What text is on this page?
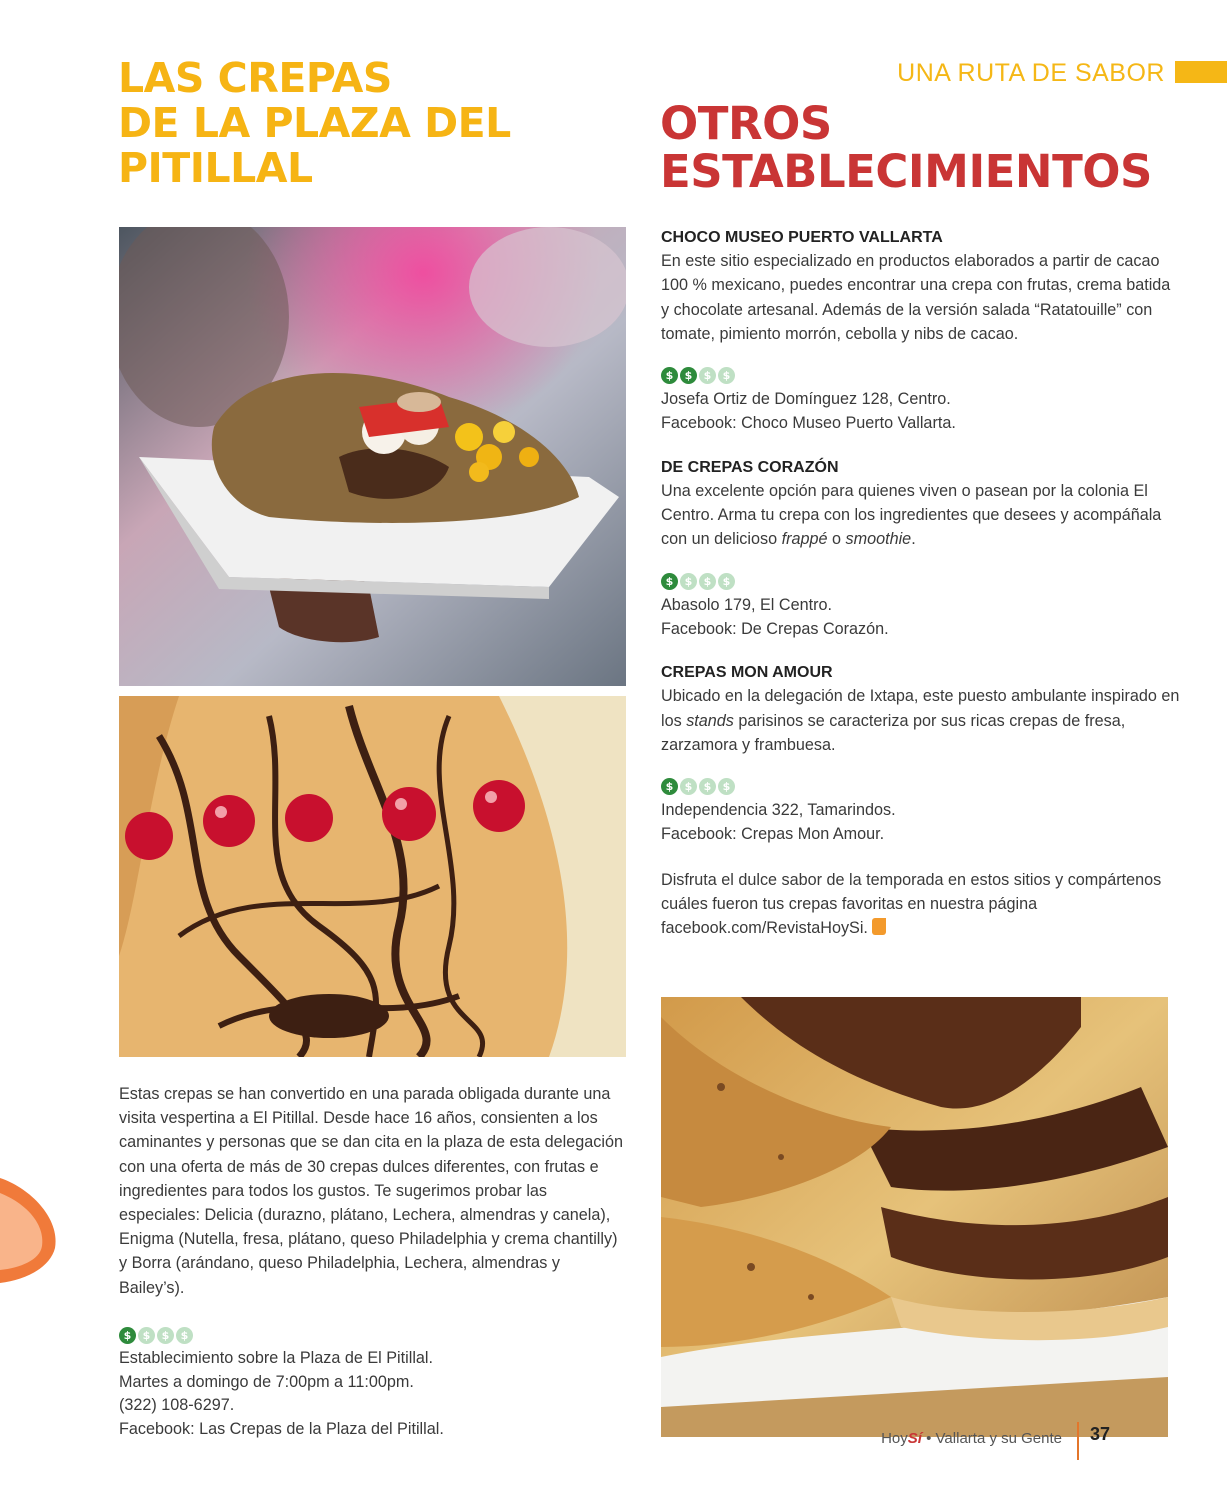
UNA RUTA DE SABOR
LAS CREPAS
DE LA PLAZA DEL
PITILLAL
OTROS
ESTABLECIMIENTOS

Estas crepas se han convertido en una parada obligada durante una visita vespertina a El Pitillal. Desde hace 16 años, consienten a los caminantes y personas que se dan cita en la plaza de esta delegación con una oferta de más de 30 crepas dulces diferentes, con frutas e ingredientes para todos los gustos. Te sugerimos probar las especiales: Delicia (durazno, plátano, Lechera, almendras y canela), Enigma (Nutella, fresa, plátano, queso Philadelphia y crema chantilly) y Borra (arándano, queso Philadelphia, Lechera, almendras y Bailey’s).

$	$	$	$
Establecimiento sobre la Plaza de El Pitillal.
Martes a domingo de 7:00pm a 11:00pm.
(322) 108-6297.
Facebook: Las Crepas de la Plaza del Pitillal.
CHOCO MUSEO PUERTO VALLARTA
En este sitio especializado en productos elaborados a partir de cacao 100 % mexicano, puedes encontrar una crepa con frutas, crema batida y chocolate artesanal. Además de la versión salada “Ratatouille” con tomate, pimiento morrón, cebolla y nibs de cacao.
$	$	$	$
Josefa Ortiz de Domínguez 128, Centro.
Facebook: Choco Museo Puerto Vallarta.
DE CREPAS CORAZÓN
Una excelente opción para quienes viven o pasean por la colonia El Centro. Arma tu crepa con los ingredientes que desees y acompáñala con un delicioso frappé o smoothie.
$	$	$	$
Abasolo 179, El Centro.
Facebook: De Crepas Corazón.
CREPAS MON AMOUR
Ubicado en la delegación de Ixtapa, este puesto ambulante inspirado en los stands parisinos se caracteriza por sus ricas crepas de fresa, zarzamora y frambuesa.
$	$	$	$
Independencia 322, Tamarindos.
Facebook: Crepas Mon Amour.
Disfruta el dulce sabor de la temporada en estos sitios y compártenos cuáles fueron tus crepas favoritas en nuestra página facebook.com/RevistaHoySi.
HoySí • Vallarta y su Gente 37
